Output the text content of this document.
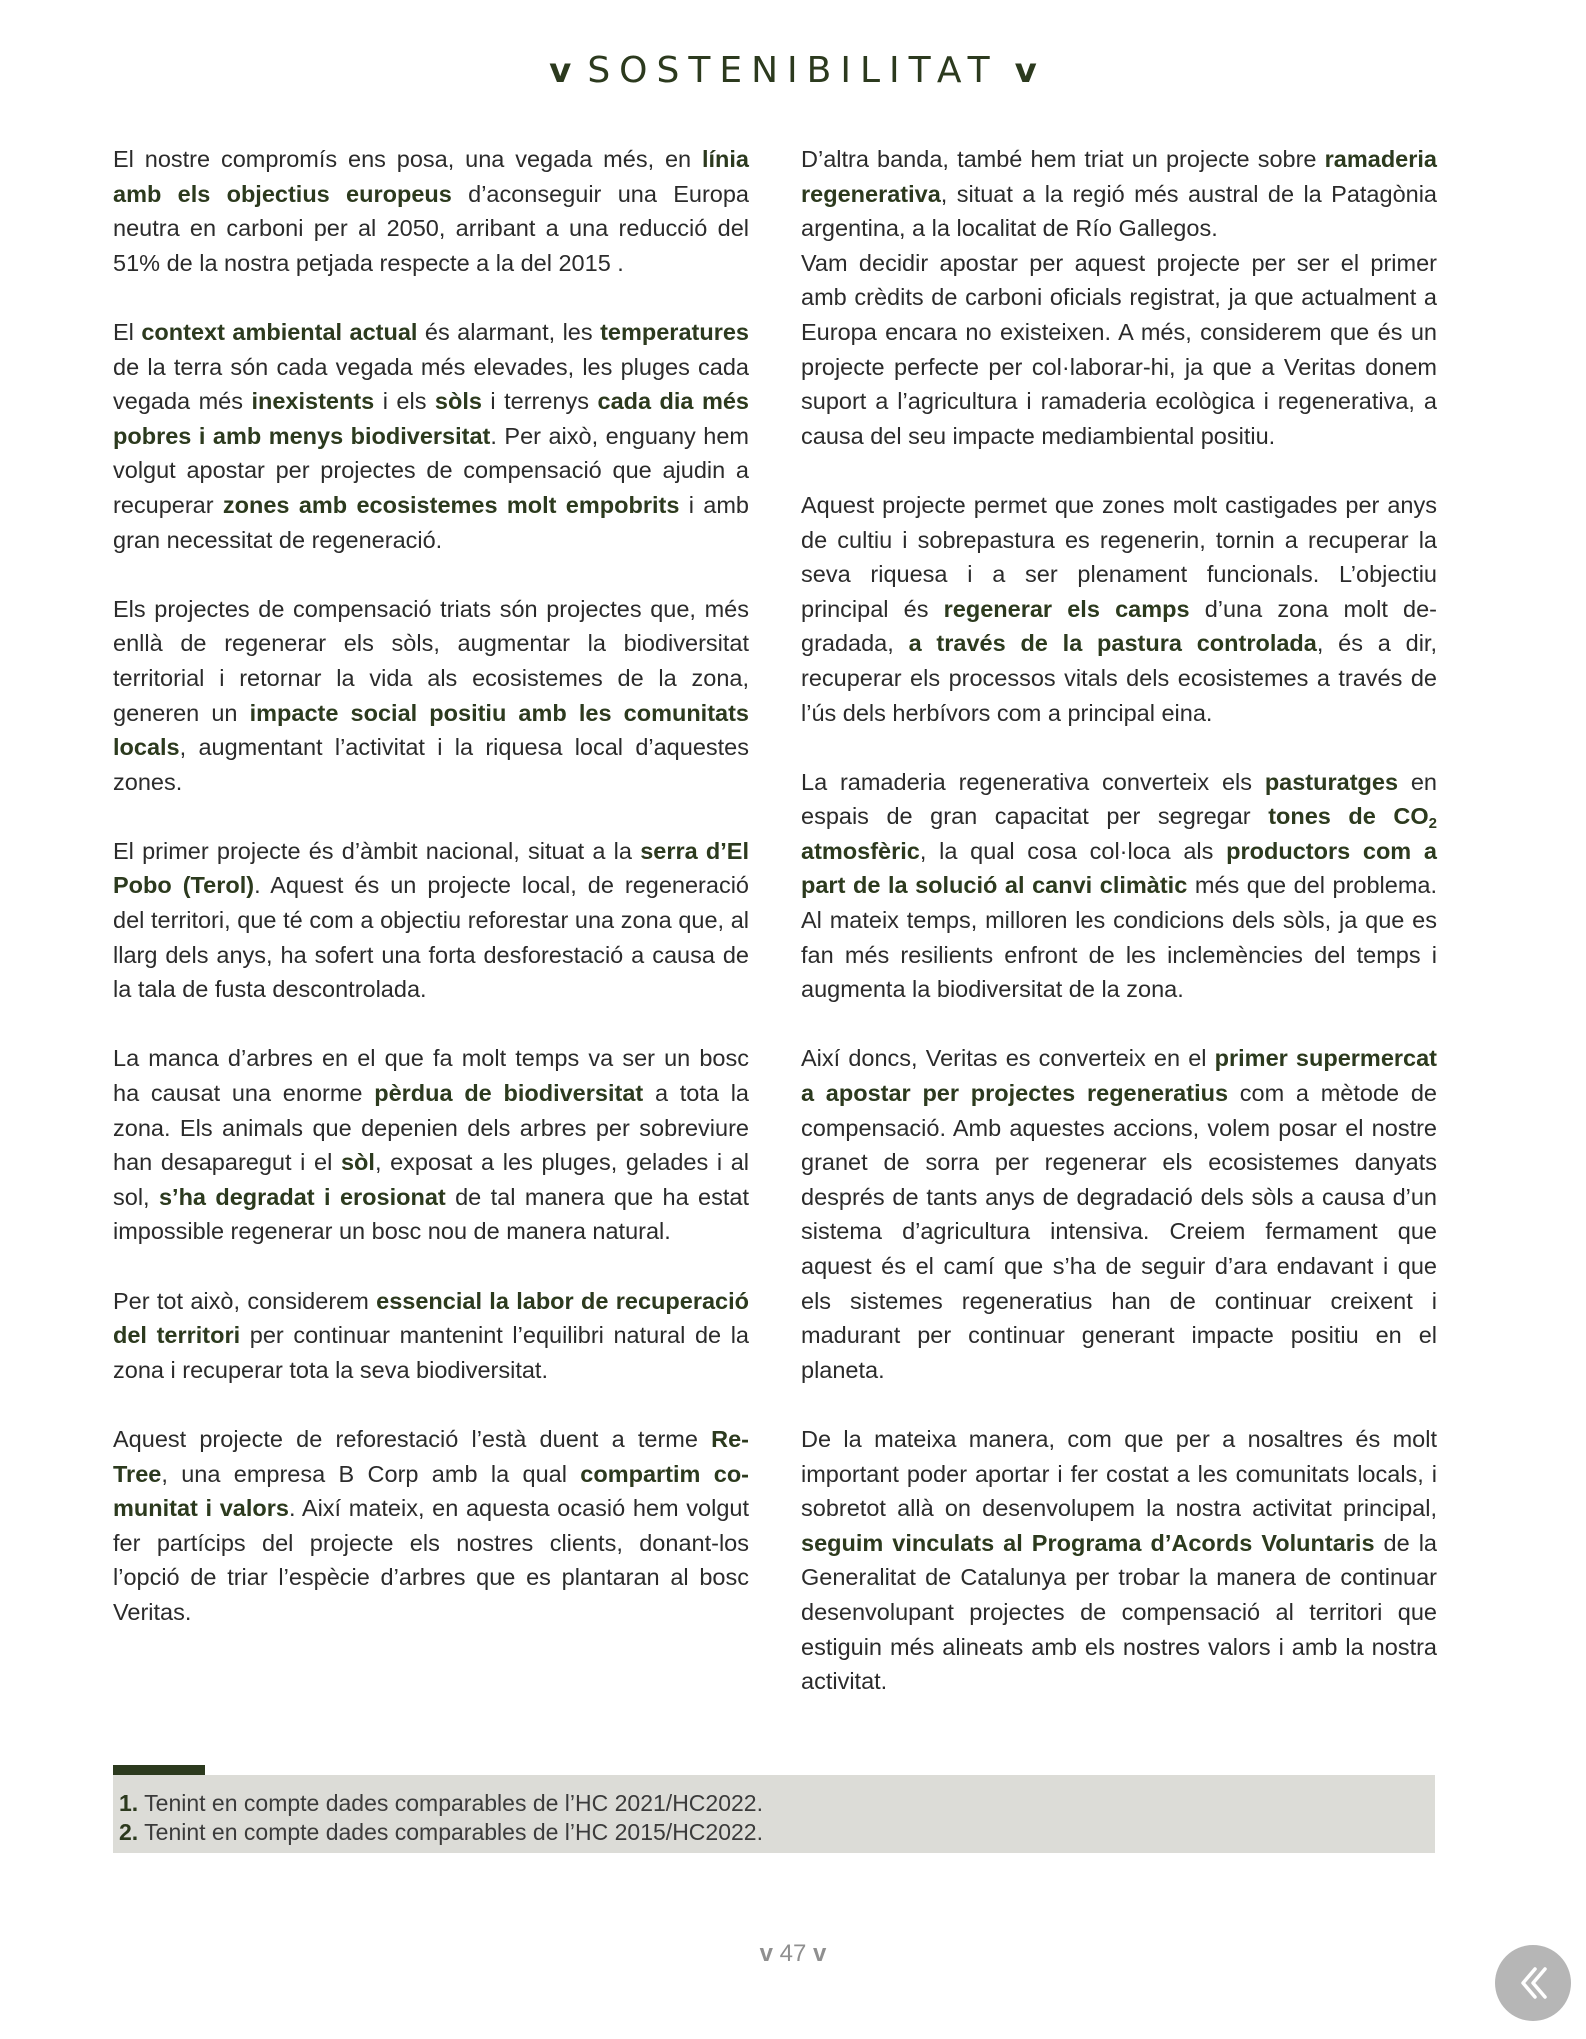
v SOSTENIBILITAT v

El nostre compromís ens posa, una vegada més, en línia amb els objectius europeus d’aconseguir una Europa neutra en carboni per al 2050, arribant a una reducció del 51% de la nostra petjada respecte a la del 2015 .

El context ambiental actual és alarmant, les temperatures de la terra són cada vegada més elevades, les pluges cada vegada més inexistents i els sòls i terrenys cada dia més pobres i amb menys biodiversitat. Per això, enguany hem volgut apostar per projectes de compensació que ajudin a recuperar zones amb ecosistemes molt empobrits i amb gran necessitat de regeneració.

Els projectes de compensació triats són projectes que, més enllà de regenerar els sòls, augmentar la biodiversitat territorial i retornar la vida als ecosistemes de la zona, generen un impacte social positiu amb les comunitats locals, augmentant l’activitat i la riquesa local d’aquestes zones.

El primer projecte és d’àmbit nacional, situat a la serra d’El Pobo (Terol). Aquest és un projecte local, de regeneració del territori, que té com a objectiu reforestar una zona que, al llarg dels anys, ha sofert una forta desforestació a causa de la tala de fusta descontrolada.

La manca d’arbres en el que fa molt temps va ser un bosc ha causat una enorme pèrdua de biodiversitat a tota la zona. Els animals que depenien dels arbres per sobreviure han desaparegut i el sòl, exposat a les pluges, gelades i al sol, s’ha degradat i erosionat de tal manera que ha estat impossible regenerar un bosc nou de manera natural.

Per tot això, considerem essencial la labor de recuperació del territori per continuar mantenint l’equilibri natural de la zona i recuperar tota la seva biodiversitat.

Aquest projecte de reforestació l’està duent a terme Re-Tree, una empresa B Corp amb la qual compartim comunitat i valors. Així mateix, en aquesta ocasió hem volgut fer partícips del projecte els nostres clients, donant-los l’opció de triar l’espècie d’arbres que es plantaran al bosc Veritas.

D’altra banda, també hem triat un projecte sobre ramaderia regenerativa, situat a la regió més austral de la Patagònia argentina, a la localitat de Río Gallegos.
Vam decidir apostar per aquest projecte per ser el primer amb crèdits de carboni oficials registrat, ja que actualment a Europa encara no existeixen. A més, considerem que és un projecte perfecte per col·laborar-hi, ja que a Veritas donem suport a l’agricultura i ramaderia ecològica i regenerativa, a causa del seu impacte mediambiental positiu.

Aquest projecte permet que zones molt castigades per anys de cultiu i sobrepastura es regenerin, tornin a recuperar la seva riquesa i a ser plenament funcionals. L’objectiu principal és regenerar els camps d’una zona molt degradada, a través de la pastura controlada, és a dir, recuperar els processos vitals dels ecosistemes a través de l’ús dels herbívors com a principal eina.

La ramaderia regenerativa converteix els pasturatges en espais de gran capacitat per segregar tones de $CO_2$ atmosfèric, la qual cosa col·loca als productors com a part de la solució al canvi climàtic més que del problema. Al mateix temps, milloren les condicions dels sòls, ja que es fan més resilients enfront de les inclemències del temps i augmenta la biodiversitat de la zona.

Així doncs, Veritas es converteix en el primer supermercat a apostar per projectes regeneratius com a mètode de compensació. Amb aquestes accions, volem posar el nostre granet de sorra per regenerar els ecosistemes danyats després de tants anys de degradació dels sòls a causa d’un sistema d’agricultura intensiva. Creiem fermament que aquest és el camí que s’ha de seguir d’ara endavant i que els sistemes regeneratius han de continuar creixent i madurant per continuar generant impacte positiu en el planeta.

De la mateixa manera, com que per a nosaltres és molt important poder aportar i fer costat a les comunitats locals, i sobretot allà on desenvolupem la nostra activitat principal, seguim vinculats al Programa d’Acords Voluntaris de la Generalitat de Catalunya per trobar la manera de continuar desenvolupant projectes de compensació al territori que estiguin més alineats amb els nostres valors i amb la nostra activitat.

1. Tenint en compte dades comparables de l’HC 2021/HC2022.
2. Tenint en compte dades comparables de l’HC 2015/HC2022.
v 47 v
